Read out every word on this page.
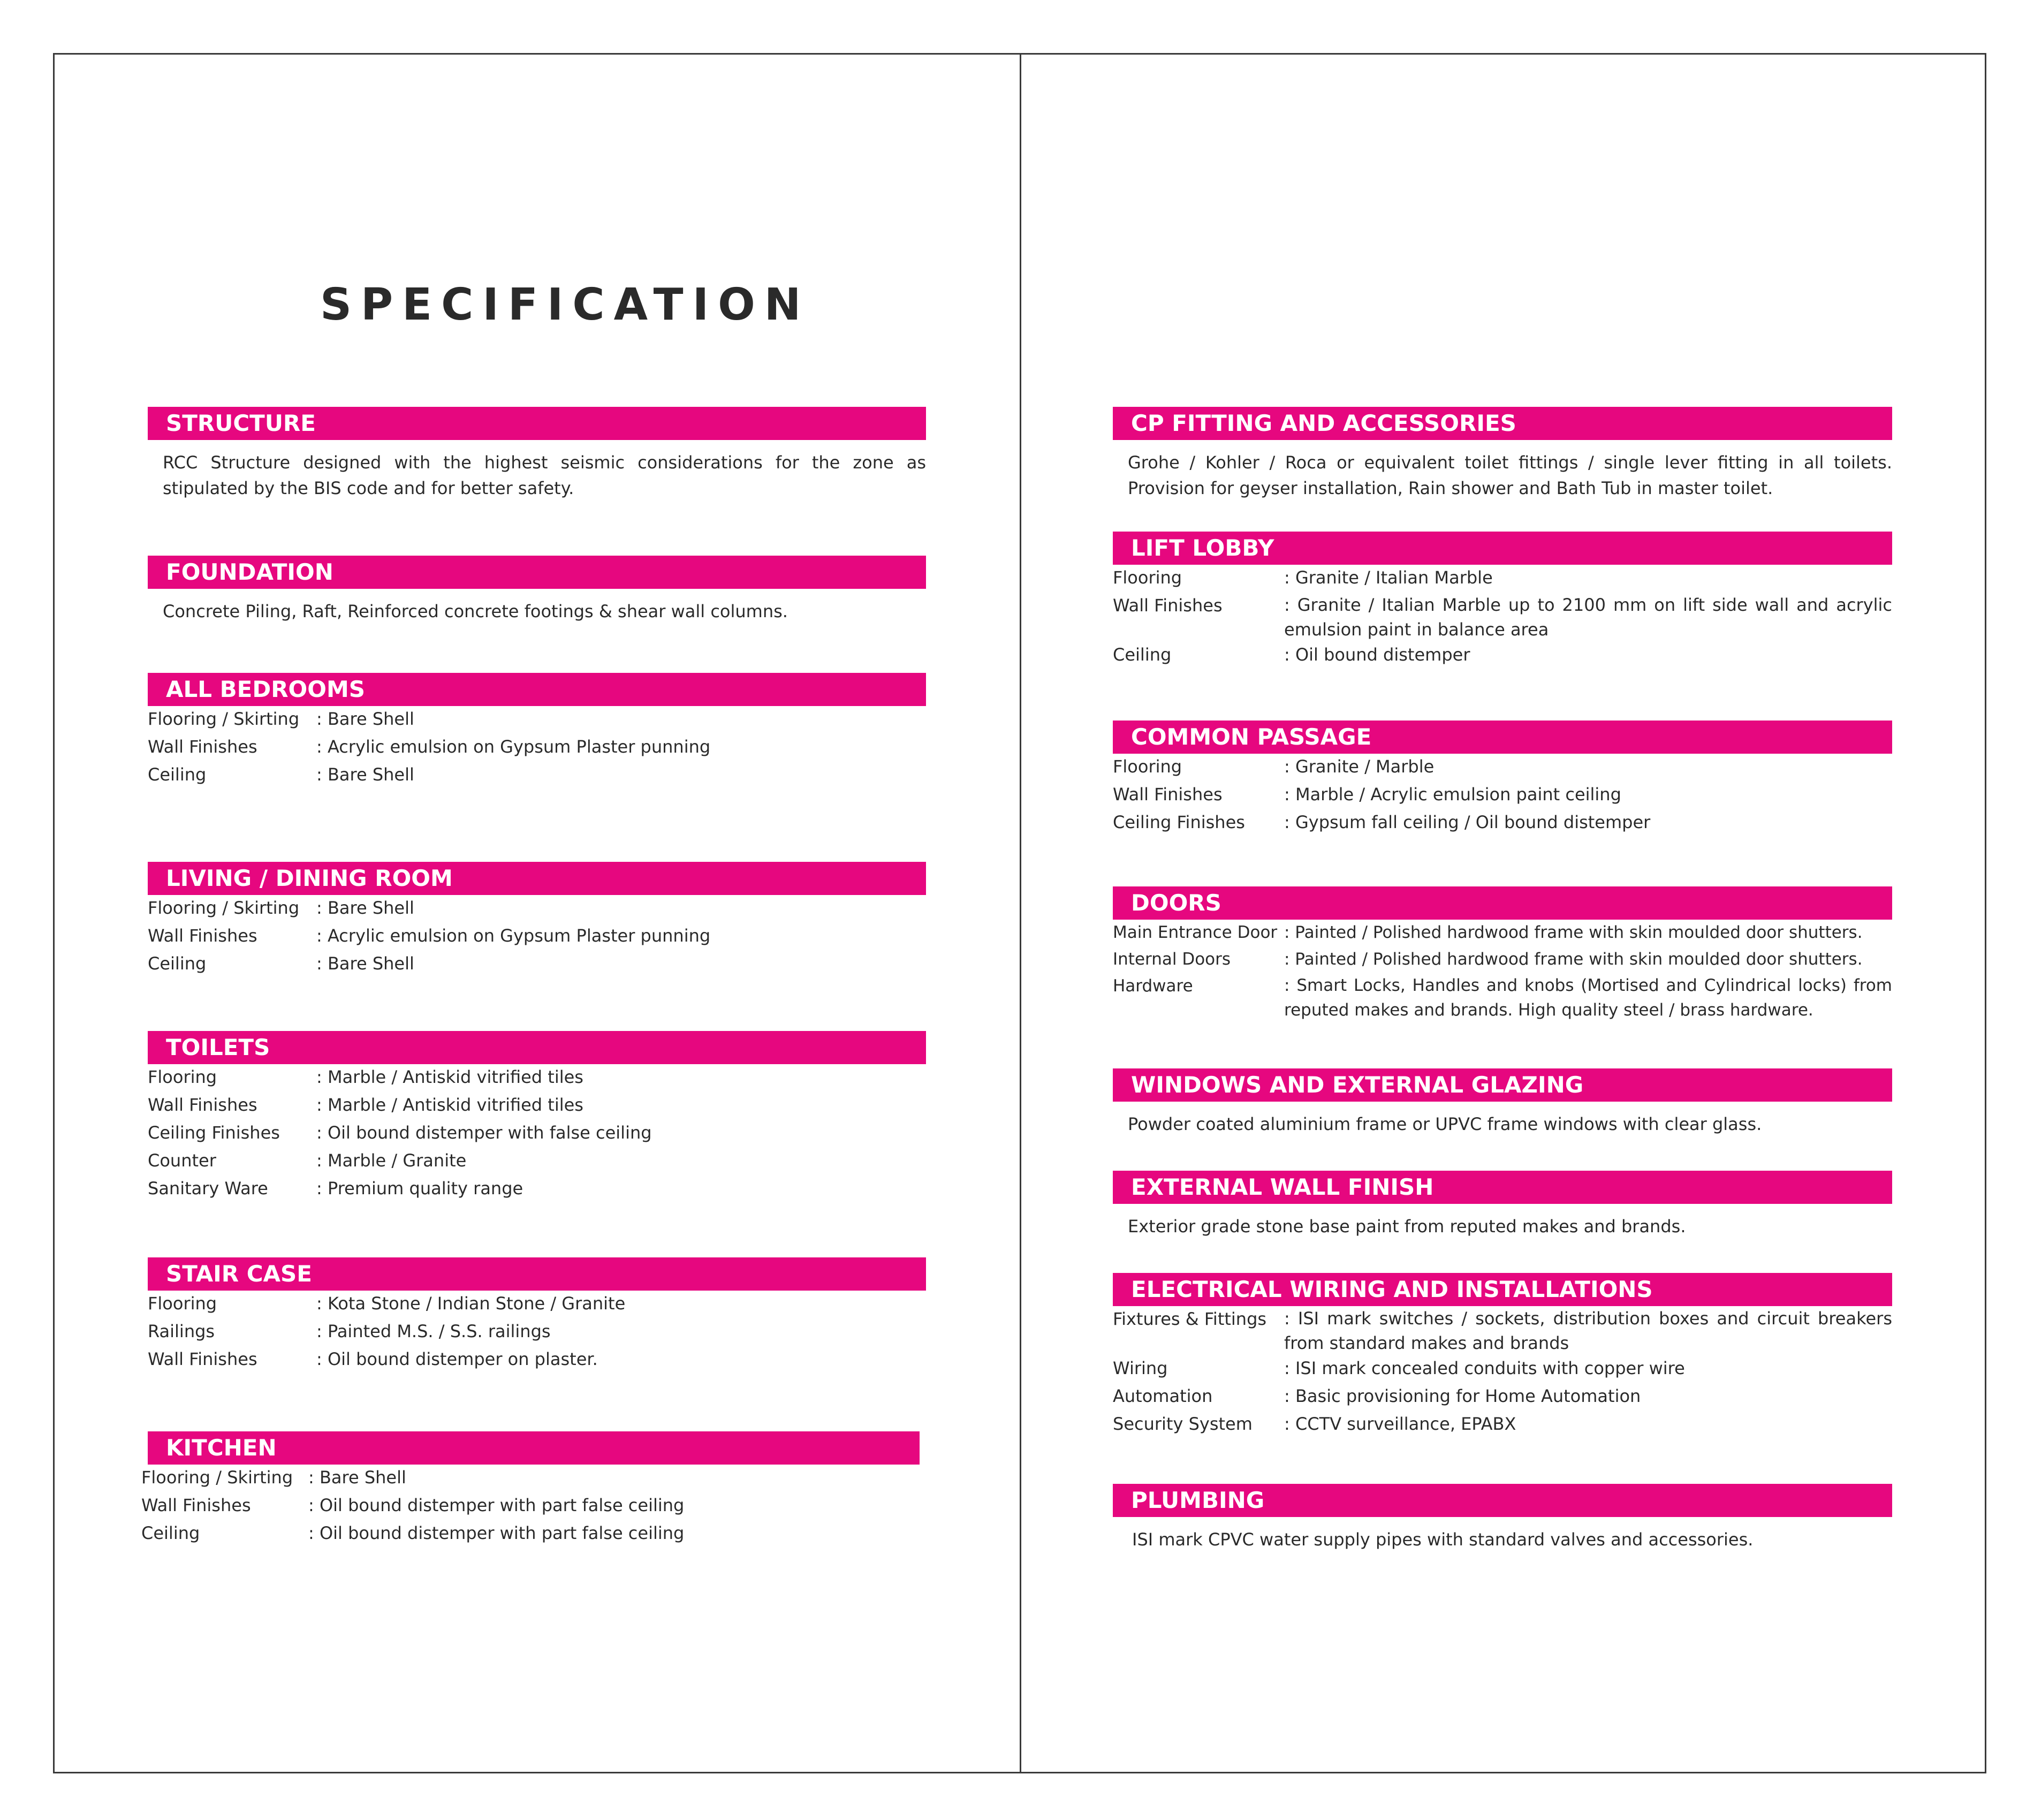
SPECIFICATION
STRUCTURE

RCC Structure designed with the highest seismic considerations for the zone as stipulated by the BIS code and for better safety.

FOUNDATION

Concrete Piling, Raft, Reinforced concrete footings & shear wall columns.

ALL BEDROOMS
Flooring / Skirting : Bare Shell
Wall Finishes	: Acrylic emulsion on Gypsum Plaster punning
Ceiling	: Bare Shell
LIVING / DINING ROOM
Flooring / Skirting : Bare Shell
Wall Finishes	: Acrylic emulsion on Gypsum Plaster punning
Ceiling	: Bare Shell
TOILETS
Flooring	: Marble / Antiskid vitrified tiles
Wall Finishes	: Marble / Antiskid vitrified tiles
Ceiling Finishes	: Oil bound distemper with false ceiling
Counter	: Marble / Granite
Sanitary Ware	: Premium quality range
STAIR CASE
Flooring	: Kota Stone / Indian Stone / Granite
Railings	: Painted M.S. / S.S. railings
Wall Finishes	: Oil bound distemper on plaster.
KITCHEN
Flooring / Skirting : Bare Shell
Wall Finishes	: Oil bound distemper with part false ceiling
Ceiling	: Oil bound distemper with part false ceiling
CP FITTING AND ACCESSORIES

Grohe / Kohler / Roca or equivalent toilet fittings / single lever fitting in all toilets. Provision for geyser installation, Rain shower and Bath Tub in master toilet.

LIFT LOBBY
Flooring	: Granite / Italian Marble
Wall Finishes	: Granite / Italian Marble up to 2100 mm on lift side wall and acrylic emulsion paint in balance area
Ceiling	: Oil bound distemper
COMMON PASSAGE
Flooring	: Granite / Marble
Wall Finishes	: Marble / Acrylic emulsion paint ceiling
Ceiling Finishes	: Gypsum fall ceiling / Oil bound distemper
DOORS
Main Entrance Door : Painted / Polished hardwood frame with skin moulded door shutters.
Internal Doors	: Painted / Polished hardwood frame with skin moulded door shutters.
Hardware	: Smart Locks, Handles and knobs (Mortised and Cylindrical locks) from reputed makes and brands. High quality steel / brass hardware.
WINDOWS AND EXTERNAL GLAZING

Powder coated aluminium frame or UPVC frame windows with clear glass.

EXTERNAL WALL FINISH

Exterior grade stone base paint from reputed makes and brands.

ELECTRICAL WIRING AND INSTALLATIONS
Fixtures & Fittings	: ISI mark switches / sockets, distribution boxes and circuit breakers from standard makes and brands
Wiring	: ISI mark concealed conduits with copper wire
Automation	: Basic provisioning for Home Automation
Security System	: CCTV surveillance, EPABX
PLUMBING

ISI mark CPVC water supply pipes with standard valves and accessories.
